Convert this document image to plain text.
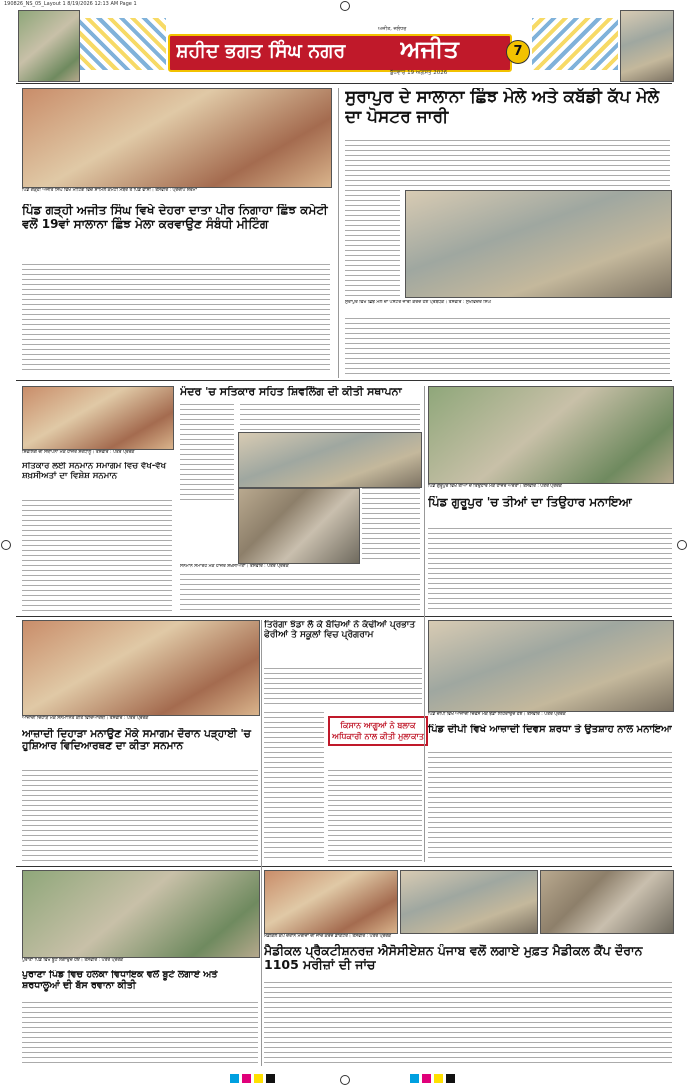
190826_NS_05_Layout 1 8/19/2026 12:13 AM Page 1
ਸ਼ਹੀਦ ਭਗਤ ਸਿੰਘ ਨਗਰ	ਅਜੀਤ
ਅਜੀਤ, ਜਲੰਧਰ
ਬੁੱਧਵਾਰ 19 ਅਗਸਤ 2026
7
ਪਿੰਡ ਗੜ੍ਹੀ ਅਜੀਤ ਸਿੰਘ ਵਿਖੇ ਮੀਟਿੰਗ ਵਿਚ ਸ਼ਾਮਿਲ ਕਮੇਟੀ ਮੈਂਬਰ ਤੇ ਪਿੰਡ ਵਾਸੀ। ਤਸਵੀਰ : ਪ੍ਰਦੀਪ ਸ਼ਰਮਾ
ਪਿੰਡ ਗੜ੍ਹੀ ਅਜੀਤ ਸਿੰਘ ਵਿਖੇ ਦੇਹਰਾ ਦਾਤਾ ਪੀਰ ਨਿਗਾਹਾ ਛਿੰਝ ਕਮੇਟੀ ਵਲੋਂ 19ਵਾਂ ਸਾਲਾਨਾ ਛਿੰਝ ਮੇਲਾ ਕਰਵਾਉਣ ਸੰਬੰਧੀ ਮੀਟਿੰਗ
ਸੁਰਾਪੁਰ ਦੇ ਸਾਲਾਨਾ ਛਿੰਝ ਮੇਲੇ ਅਤੇ ਕਬੱਡੀ ਕੱਪ ਮੇਲੇ ਦਾ ਪੋਸਟਰ ਜਾਰੀ
ਸੁਰਾਪੁਰ ਵਿਖੇ ਛਿੰਝ ਮੇਲੇ ਦਾ ਪੋਸਟਰ ਜਾਰੀ ਕਰਦੇ ਹੋਏ ਪ੍ਰਬੰਧਕ। ਤਸਵੀਰ : ਸੁਖਵਿੰਦਰ ਸਿੰਘ
ਸ਼ਿਵਲਿੰਗ ਦੀ ਸਥਾਪਨਾ ਮੌਕੇ ਹਾਜ਼ਰ ਸ਼ਰਧਾਲੂ। ਤਸਵੀਰ : ਪੱਤਰ ਪ੍ਰੇਰਕ
ਮੰਦਰ 'ਚ ਸਤਿਕਾਰ ਸਹਿਤ ਸ਼ਿਵਲਿੰਗ ਦੀ ਕੀਤੀ ਸਥਾਪਨਾ
ਸਤਿਕਾਰ ਲਈ ਸਨਮਾਨ ਸਮਾਗਮ ਵਿਚ ਵੱਖ-ਵੱਖ ਸ਼ਖ਼ਸੀਅਤਾਂ ਦਾ ਵਿਸ਼ੇਸ਼ ਸਨਮਾਨ
ਸਨਮਾਨ ਸਮਾਰੋਹ ਮੌਕੇ ਹਾਜ਼ਰ ਸ਼ਖ਼ਸੀਅਤਾਂ। ਤਸਵੀਰ : ਪੱਤਰ ਪ੍ਰੇਰਕ
ਪਿੰਡ ਗੁਰੂਪੁਰ ਵਿਖੇ ਤੀਆਂ ਦੇ ਤਿਉਹਾਰ ਮੌਕੇ ਹਾਜ਼ਰ ਔਰਤਾਂ। ਤਸਵੀਰ : ਪੱਤਰ ਪ੍ਰੇਰਕ
ਪਿੰਡ ਗੁਰੂਪੁਰ 'ਚ ਤੀਆਂ ਦਾ ਤਿਉਹਾਰ ਮਨਾਇਆ
ਤਿਰੰਗਾ ਝੰਡਾ ਲੈ ਕੇ ਬੱਚਿਆਂ ਨੇ ਕੱਢੀਆਂ ਪ੍ਰਭਾਤ ਫੇਰੀਆਂ ਤੇ ਸਕੂਲਾਂ ਵਿਚ ਪ੍ਰੋਗਰਾਮ
ਆਜ਼ਾਦੀ ਦਿਹਾੜੇ ਮੌਕੇ ਸਨਮਾਨਿਤ ਕੀਤੇ ਵਿਦਿਆਰਥੀ। ਤਸਵੀਰ : ਪੱਤਰ ਪ੍ਰੇਰਕ
ਆਜ਼ਾਦੀ ਦਿਹਾੜਾ ਮਨਾਉਣ ਮੌਕੇ ਸਮਾਗਮ ਦੌਰਾਨ ਪੜ੍ਹਾਈ 'ਚ ਹੁਸ਼ਿਆਰ ਵਿਦਿਆਰਥਣ ਦਾ ਕੀਤਾ ਸਨਮਾਨ
ਕਿਸਾਨ ਆਗੂਆਂ ਨੇ ਬਲਾਕ ਅਧਿਕਾਰੀ ਨਾਲ ਕੀਤੀ ਮੁਲਾਕਾਤ
ਪਿੰਡ ਦੀਪੀ ਵਿਖੇ ਆਜ਼ਾਦੀ ਦਿਵਸ ਮੌਕੇ ਝੰਡਾ ਲਹਿਰਾਉਂਦੇ ਹੋਏ। ਤਸਵੀਰ : ਪੱਤਰ ਪ੍ਰੇਰਕ
ਪਿੰਡ ਦੀਪੀ ਵਿਖੇ ਆਜ਼ਾਦੀ ਦਿਵਸ ਸ਼ਰਧਾ ਤੇ ਉਤਸ਼ਾਹ ਨਾਲ ਮਨਾਇਆ
ਪੁਰਾਣਾ ਪਿੰਡ ਵਿਖੇ ਬੂਟੇ ਲਗਾਉਂਦੇ ਹੋਏ। ਤਸਵੀਰ : ਪੱਤਰ ਪ੍ਰੇਰਕ
ਪੁਰਾਣਾ ਪਿੰਡ ਵਿਚ ਹਲਕਾ ਵਿਧਾਇਕ ਵਲੋਂ ਬੂਟੇ ਲਗਾਏ ਅਤੇ ਸ਼ਰਧਾਲੂਆਂ ਦੀ ਬੱਸ ਰਵਾਨਾ ਕੀਤੀ
ਮੈਡੀਕਲ ਕੈਂਪ ਦੌਰਾਨ ਮਰੀਜ਼ਾਂ ਦੀ ਜਾਂਚ ਕਰਦੇ ਡਾਕਟਰ। ਤਸਵੀਰ : ਪੱਤਰ ਪ੍ਰੇਰਕ
ਮੈਡੀਕਲ ਪ੍ਰੈਕਟੀਸ਼ਨਰਜ਼ ਐਸੋਸੀਏਸ਼ਨ ਪੰਜਾਬ ਵਲੋਂ ਲਗਾਏ ਮੁਫ਼ਤ ਮੈਡੀਕਲ ਕੈਂਪ ਦੌਰਾਨ 1105 ਮਰੀਜ਼ਾਂ ਦੀ ਜਾਂਚ
